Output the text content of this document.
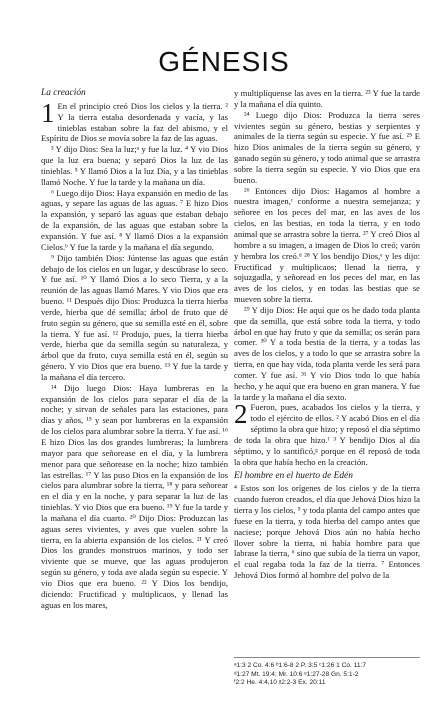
GÉNESIS

La creación

1 En el principio creó Dios los cielos y la tierra. ² Y la tierra estaba desordenada y vacía, y las tinieblas estaban sobre la faz del abismo, y el Espíritu de Dios se movía sobre la faz de las aguas.

³ Y dijo Dios: Sea la luz;ᵃ y fue la luz. ⁴ Y vio Dios que la luz era buena; y separó Dios la luz de las tinieblas. ⁵ Y llamó Dios a la luz Día, y a las tinieblas llamó Noche. Y fue la tarde y la mañana un día.

⁶ Luego dijo Dios: Haya expansión en medio de las aguas, y separe las aguas de las aguas. ⁷ E hizo Dios la expansión, y separó las aguas que estaban debajo de la expansión, de las aguas que estaban sobre la expansión. Y fue así. ⁸ Y llamó Dios a la expansión Cielos.ᵇ Y fue la tarde y la mañana el día segundo.

⁹ Dijo también Dios: Júntense las aguas que están debajo de los cielos en un lugar, y descúbrase lo seco. Y fue así. ¹⁰ Y llamó Dios a lo seco Tierra, y a la reunión de las aguas llamó Mares. Y vio Dios que era bueno. ¹¹ Después dijo Dios: Produzca la tierra hierba verde, hierba que dé semilla; árbol de fruto que dé fruto según su género, que su semilla esté en él, sobre la tierra. Y fue así. ¹² Produjo, pues, la tierra hierba verde, hierba que da semilla según su naturaleza, y árbol que da fruto, cuya semilla está en él, según su género. Y vio Dios que era bueno. ¹³ Y fue la tarde y la mañana el día tercero.

¹⁴ Dijo luego Dios: Haya lumbreras en la expansión de los cielos para separar el día de la noche; y sirvan de señales para las estaciones, para días y años, ¹⁵ y sean por lumbreras en la expansión de los cielos para alumbrar sobre la tierra. Y fue así. ¹⁶ E hizo Dios las dos grandes lumbreras; la lumbrera mayor para que señorease en el día, y la lumbrera menor para que señorease en la noche; hizo también las estrellas. ¹⁷ Y las puso Dios en la expansión de los cielos para alumbrar sobre la tierra, ¹⁸ y para señorear en el día y en la noche, y para separar la luz de las tinieblas. Y vio Dios que era bueno. ¹⁹ Y fue la tarde y la mañana el día cuarto. ²⁰ Dijo Dios: Produzcan las aguas seres vivientes, y aves que vuelen sobre la tierra, en la abierta expansión de los cielos. ²¹ Y creó Dios los grandes monstruos marinos, y todo ser viviente que se mueve, que las aguas produjeron según su género, y toda ave alada según su especie. Y vio Dios que era bueno. ²² Y Dios los bendijo, diciendo: Fructificad y multiplicaos, y llenad las aguas en los mares,

y multiplíquense las aves en la tierra. ²³ Y fue la tarde y la mañana el día quinto.

²⁴ Luego dijo Dios: Produzca la tierra seres vivientes según su género, bestias y serpientes y animales de la tierra según su especie. Y fue así. ²⁵ E hizo Dios animales de la tierra según su género, y ganado según su género, y todo animal que se arrastra sobre la tierra según su especie. Y vio Dios que era bueno.

²⁶ Entonces dijo Dios: Hagamos al hombre a nuestra imagen,ᶜ conforme a nuestra semejanza; y señoree en los peces del mar, en las aves de los cielos, en las bestias, en toda la tierra, y en todo animal que se arrastra sobre la tierra. ²⁷ Y creó Dios al hombre a su imagen, a imagen de Dios lo creó; varón y hembra los creó.ᵈ ²⁸ Y los bendijo Dios,ᵉ y les dijo: Fructificad y multiplicaos; llenad la tierra, y sojuzgadla, y señoread en los peces del mar, en las aves de los cielos, y en todas las bestias que se mueven sobre la tierra.

²⁹ Y dijo Dios: He aquí que os he dado toda planta que da semilla, que está sobre toda la tierra, y todo árbol en que hay fruto y que da semilla; os serán para comer. ³⁰ Y a toda bestia de la tierra, y a todas las aves de los cielos, y a todo lo que se arrastra sobre la tierra, en que hay vida, toda planta verde les será para comer. Y fue así. ³¹ Y vio Dios todo lo que había hecho, y he aquí que era bueno en gran manera. Y fue la tarde y la mañana el día sexto.

2 Fueron, pues, acabados los cielos y la tierra, y todo el ejército de ellos. ² Y acabó Dios en el día séptimo la obra que hizo; y reposó el día séptimo de toda la obra que hizo.ᶠ ³ Y bendijo Dios al día séptimo, y lo santificó,ᵍ porque en él reposó de toda la obra que había hecho en la creación.

El hombre en el huerto de Edén

⁴ Estos son los orígenes de los cielos y de la tierra cuando fueron creados, el día que Jehová Dios hizo la tierra y los cielos, ⁵ y toda planta del campo antes que fuese en la tierra, y toda hierba del campo antes que naciese; porque Jehová Dios aún no había hecho llover sobre la tierra, ni había hombre para que labrase la tierra, ⁶ sino que subía de la tierra un vapor, el cual regaba toda la faz de la tierra. ⁷ Entonces Jehová Dios formó al hombre del polvo de la

ᵃ1:3 2 Co. 4:6 ᵇ1:6-8 2 P. 3:5 ᶜ1:26 1 Co. 11:7
ᵈ1:27 Mt. 19:4; Mr. 10:6 ᵉ1:27-28 Gn. 5:1-2
ᶠ2:2 He. 4:4,10 ᵍ2:2-3 Ex. 20:11
